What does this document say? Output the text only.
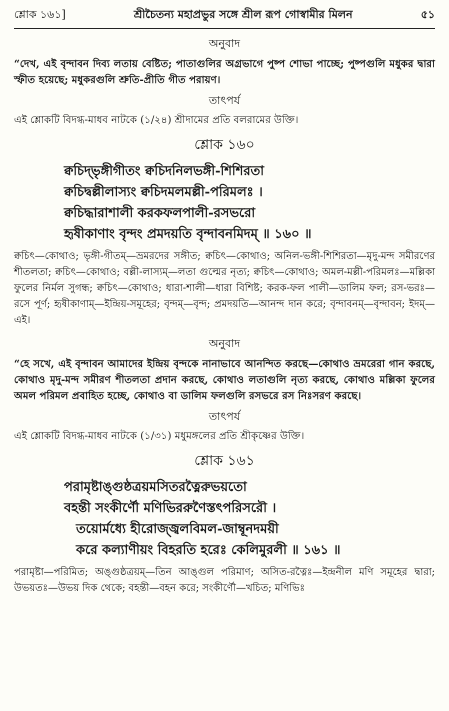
শ্লোক ১৬১]	শ্রীচৈতন্য মহাপ্রভুর সঙ্গে শ্রীল রূপ গোস্বামীর মিলন	৫১
অনুবাদ

“দেখ, এই বৃন্দাবন দিব্য লতায় বেষ্টিত; পাতাগুলির অগ্রভাগে পুষ্প শোভা পাচ্ছে; পুষ্পগুলি মধুকর দ্বারা স্ফীত হয়েছে; মধুকরগুলি শ্রুতি-প্রীতি গীত পরায়ণ।

তাৎপর্য

এই শ্লোকটি বিদগ্ধ-মাধব নাটকে (১/২৪) শ্রীদামের প্রতি বলরামের উক্তি।

শ্লোক ১৬০
ক্বচিদ্‌ভৃঙ্গীগীতং ক্বচিদনিলভঙ্গী-শিশিরতা
ক্বচিদ্বল্লীলাস্যং ক্বচিদমলমল্লী-পরিমলঃ ।
ক্বচিদ্ধারাশালী করকফলপালী-রসভরো
হৃষীকাণাং বৃন্দং প্রমদয়তি বৃন্দাবনমিদম্‌ ॥ ১৬০ ॥

ক্বচিৎ—কোথাও; ভৃঙ্গী-গীতম্‌—ভ্রমরদের সঙ্গীত; ক্বচিৎ—কোথাও; অনিল-ভঙ্গী-শিশিরতা—মৃদু-মন্দ সমীরণের শীতলতা; ক্বচিৎ—কোথাও; বল্লী-লাস্যম্‌—লতা গুল্মের নৃত্য; ক্বচিৎ—কোথাও; অমল-মল্লী-পরিমলঃ—মল্লিকা ফুলের নির্মল সুগন্ধ; ক্বচিৎ—কোথাও; ধারা-শালী—ধারা বিশিষ্ট; করক-ফল পালী—ডালিম ফল; রস-ভরঃ—রসে পূর্ণ; হৃষীকাণাম্‌—ইন্দ্রিয়-সমূহের; বৃন্দম্‌—বৃন্দ; প্রমদয়তি—আনন্দ দান করে; বৃন্দাবনম্‌—বৃন্দাবন; ইদম্‌—এই।

অনুবাদ

“হে সখে, এই বৃন্দাবন আমাদের ইন্দ্রিয় বৃন্দকে নানাভাবে আনন্দিত করছে—কোথাও ভ্রমরেরা গান করছে, কোথাও মৃদু-মন্দ সমীরণ শীতলতা প্রদান করছে, কোথাও লতাগুলি নৃত্য করছে, কোথাও মল্লিকা ফুলের অমল পরিমল প্রবাহিত হচ্ছে, কোথাও বা ডালিম ফলগুলি রসভরে রস নিঃসরণ করছে।

তাৎপর্য

এই শ্লোকটি বিদগ্ধ-মাধব নাটকে (১/৩১) মধুমঙ্গলের প্রতি শ্রীকৃষ্ণের উক্তি।

শ্লোক ১৬১
পরামৃষ্টাঙ্গুষ্ঠত্রয়মসিতরত্নৈরুভয়তো
বহন্তী সংকীর্ণৌ মণিভিররুণৈস্তৎপরিসরৌ ।
তয়োর্মধ্যে হীরোজ্জ্বলবিমল-জাম্বূনদময়ী
করে কল্যাণীয়ং বিহরতি হরেঃ কেলিমুরলী ॥ ১৬১ ॥

পরামৃষ্টা—পরিমিত; অঙ্গুষ্ঠত্রয়ম্‌—তিন আঙ্গুল পরিমাণ; অসিত-রত্নৈঃ—ইন্দ্রনীল মণি সমূহের দ্বারা; উভয়তঃ—উভয় দিক থেকে; বহন্তী—বহন করে; সংকীর্ণৌ—খচিত; মণিভিঃ
